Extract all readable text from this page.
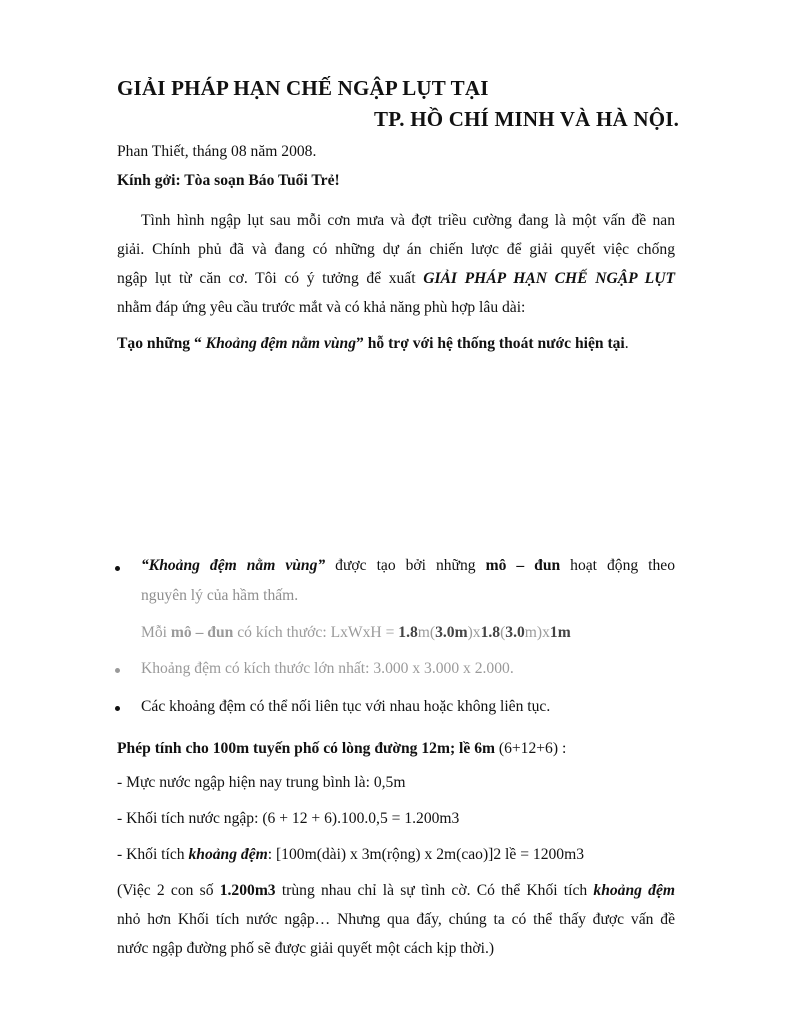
GIẢI PHÁP HẠN CHẾ NGẬP LỤT TẠI
TP. HỒ CHÍ MINH VÀ HÀ NỘI.
Phan Thiết, tháng 08 năm 2008.
Kính gởi: Tòa soạn Báo Tuổi Trẻ!
Tình hình ngập lụt sau mỗi cơn mưa và đợt triều cường đang là một vấn đề nan
giải. Chính phủ đã và đang có những dự án chiến lược để giải quyết việc chống
ngập lụt từ căn cơ. Tôi có ý tưởng để xuất GIẢI PHÁP HẠN CHẾ NGẬP LỤT
nhằm đáp ứng yêu cầu trước mắt và có khả năng phù hợp lâu dài:
Tạo những “ Khoảng đệm nằm vùng” hỗ trợ với hệ thống thoát nước hiện tại.
“Khoảng đệm nằm vùng” được tạo bởi những mô – đun hoạt động theo
nguyên lý của hầm thấm.
Mỗi mô – đun có kích thước: LxWxH = 1.8m(3.0m)x1.8(3.0m)x1m
Khoảng đệm có kích thước lớn nhất: 3.000 x 3.000 x 2.000.
Các khoảng đệm có thể nối liên tục với nhau hoặc không liên tục.
Phép tính cho 100m tuyến phố có lòng đường 12m; lề 6m (6+12+6) :
- Mực nước ngập hiện nay trung bình là: 0,5m
- Khối tích nước ngập: (6 + 12 + 6).100.0,5 = 1.200m3
- Khối tích khoảng đệm: [100m(dài) x 3m(rộng) x 2m(cao)]2 lề = 1200m3
(Việc 2 con số 1.200m3 trùng nhau chỉ là sự tình cờ. Có thể Khối tích khoảng đệm
nhỏ hơn Khối tích nước ngập… Nhưng qua đấy, chúng ta có thể thấy được vấn đề
nước ngập đường phố sẽ được giải quyết một cách kịp thời.)
